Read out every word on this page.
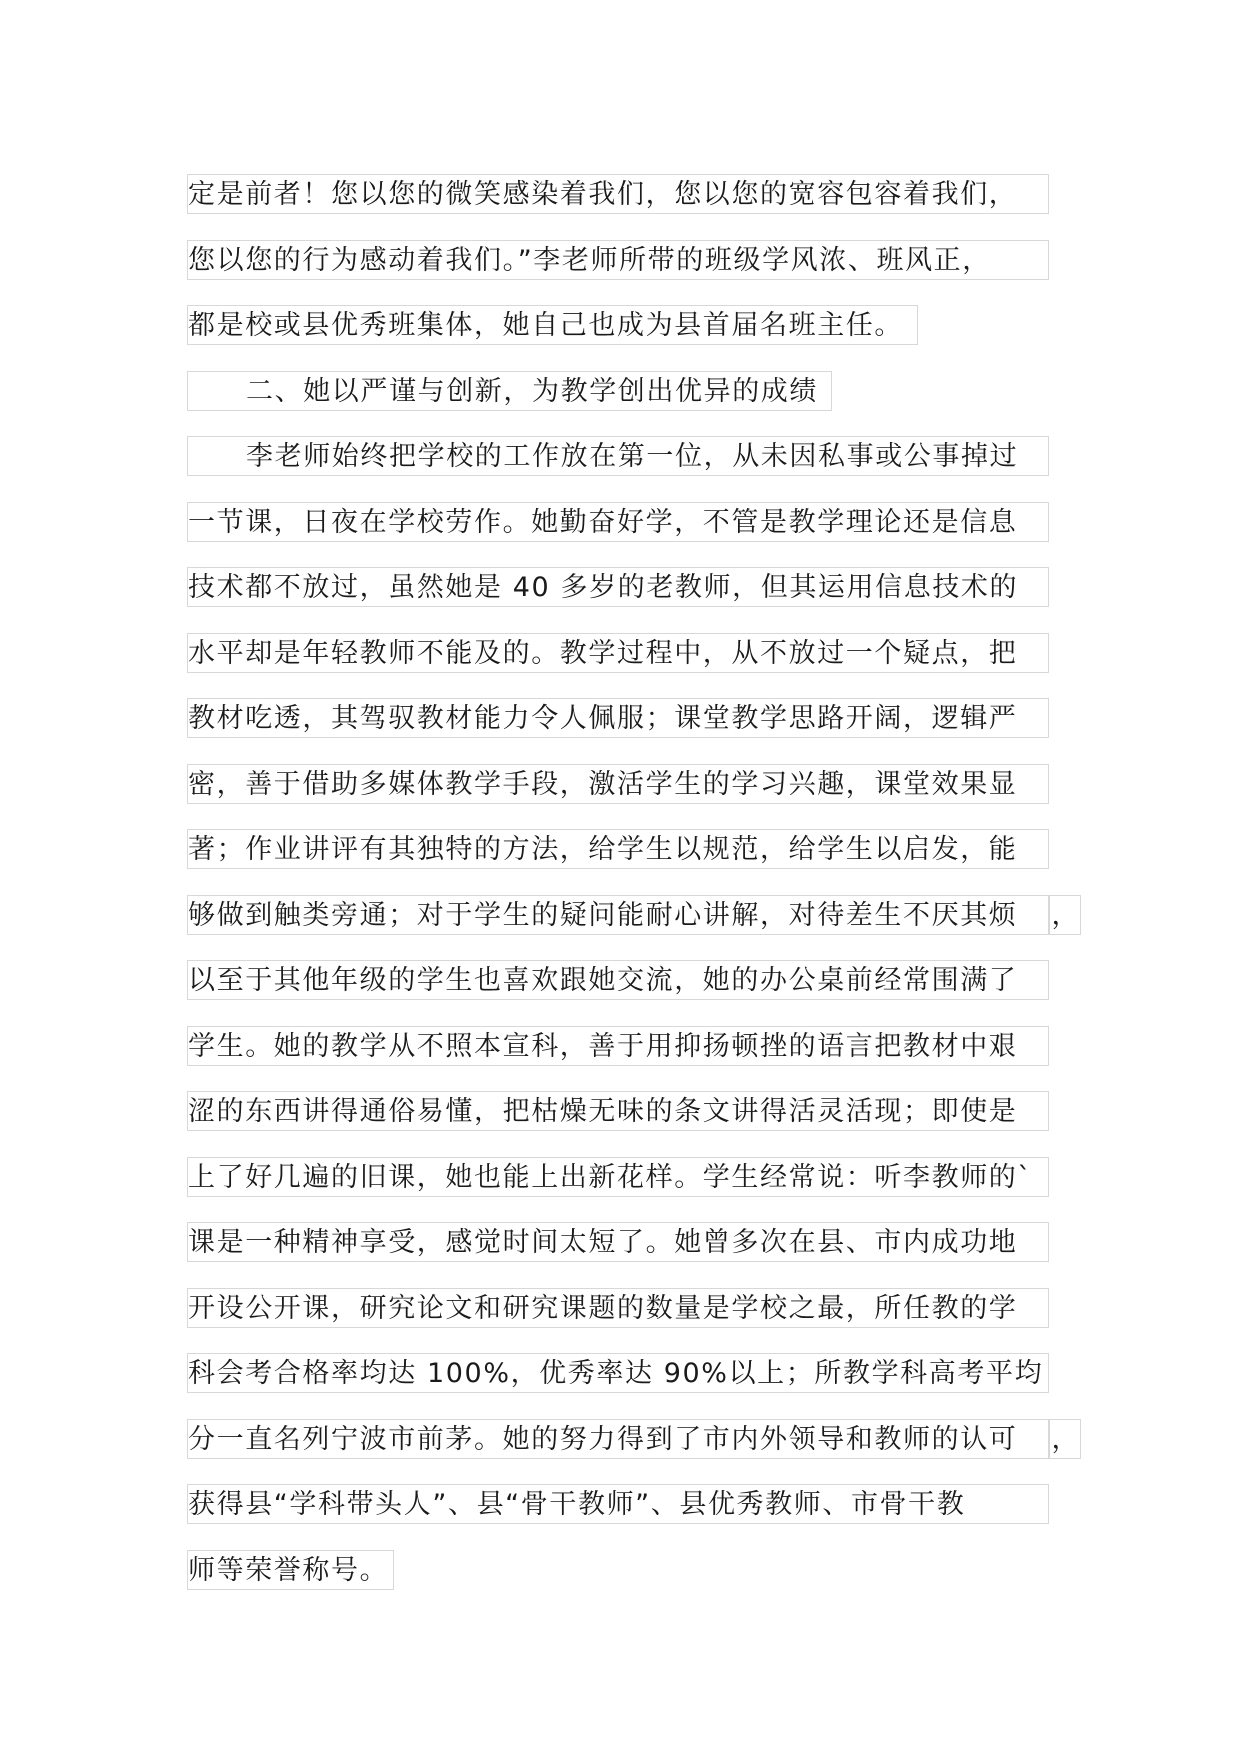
定是前者！您以您的微笑感染着我们，您以您的宽容包容着我们，
您以您的行为感动着我们。”李老师所带的班级学风浓、班风正，
都是校或县优秀班集体，她自己也成为县首届名班主任。
二、她以严谨与创新，为教学创出优异的成绩
李老师始终把学校的工作放在第一位，从未因私事或公事掉过
一节课，日夜在学校劳作。她勤奋好学，不管是教学理论还是信息
技术都不放过，虽然她是 40 多岁的老教师，但其运用信息技术的
水平却是年轻教师不能及的。教学过程中，从不放过一个疑点，把
教材吃透，其驾驭教材能力令人佩服；课堂教学思路开阔，逻辑严
密，善于借助多媒体教学手段，激活学生的学习兴趣，课堂效果显
著；作业讲评有其独特的方法，给学生以规范，给学生以启发，能
够做到触类旁通；对于学生的疑问能耐心讲解，对待差生不厌其烦 ，
以至于其他年级的学生也喜欢跟她交流，她的办公桌前经常围满了
学生。她的教学从不照本宣科，善于用抑扬顿挫的语言把教材中艰
涩的东西讲得通俗易懂，把枯燥无味的条文讲得活灵活现；即使是
上了好几遍的旧课，她也能上出新花样。学生经常说：听李教师的`
课是一种精神享受，感觉时间太短了。她曾多次在县、市内成功地
开设公开课，研究论文和研究课题的数量是学校之最，所任教的学
科会考合格率均达 100%，优秀率达 90%以上；所教学科高考平均
分一直名列宁波市前茅。她的努力得到了市内外领导和教师的认可 ，
获得县“学科带头人”、县“骨干教师”、县优秀教师、市骨干教
师等荣誉称号。
